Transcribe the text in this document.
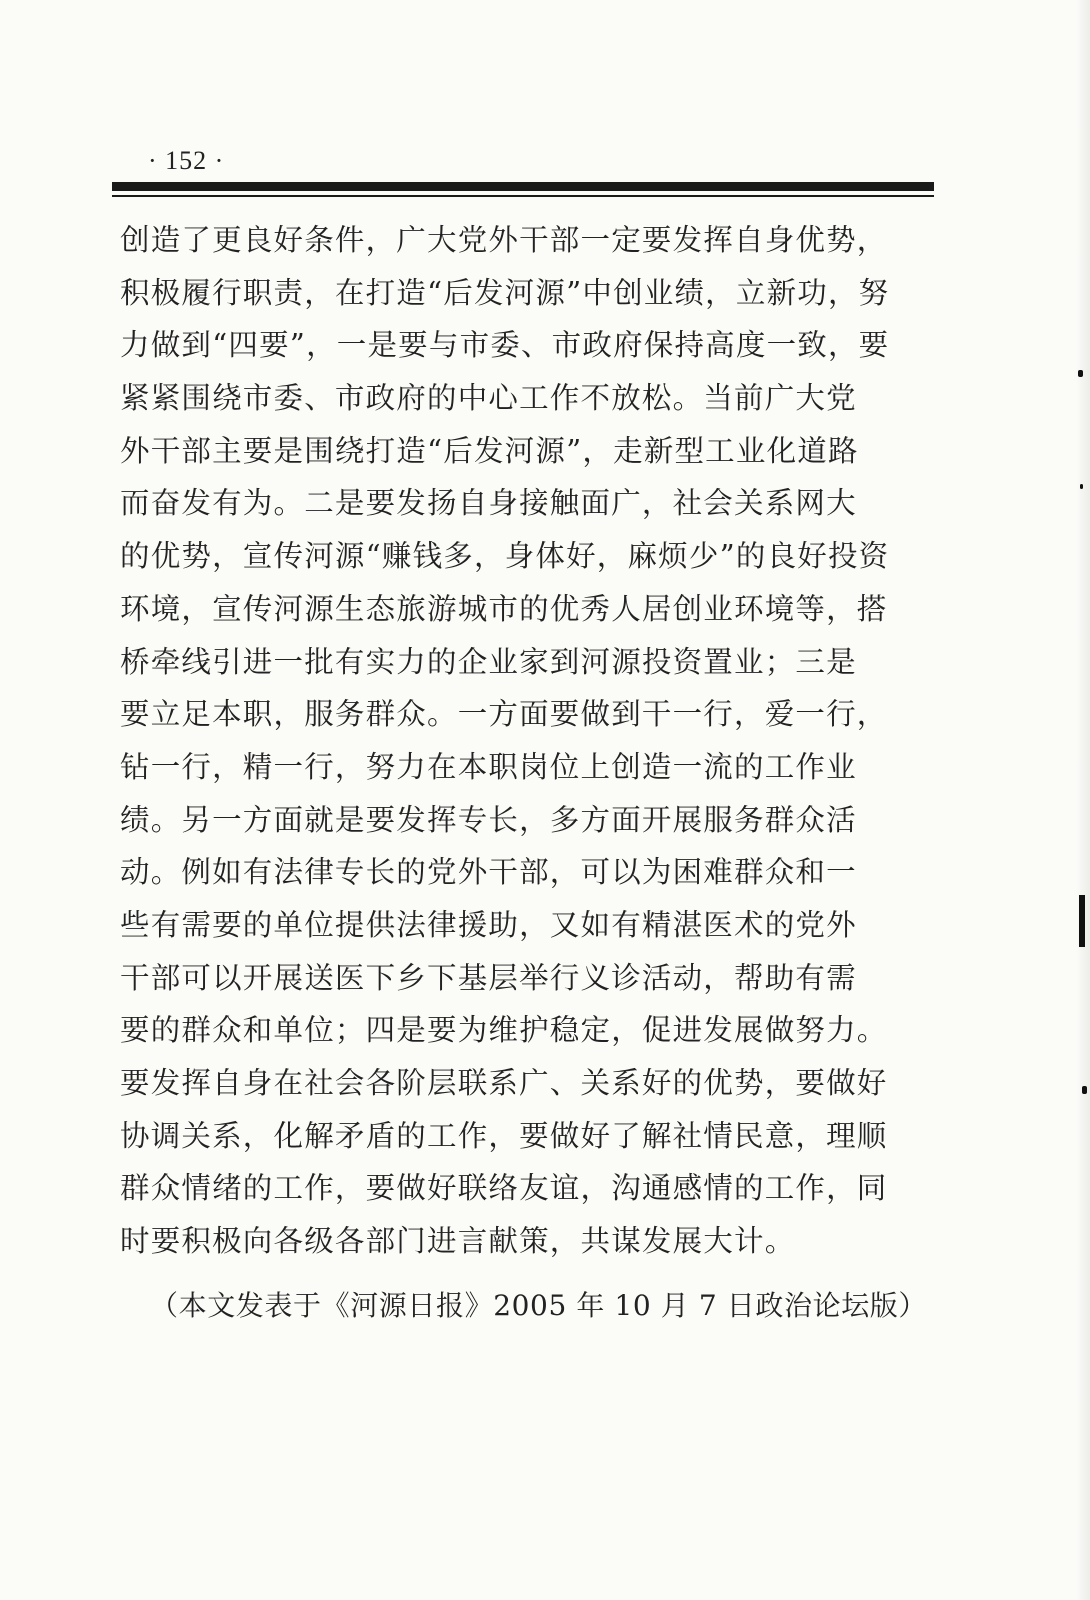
· 152 ·
创造了更良好条件，广大党外干部一定要发挥自身优势，
积极履行职责，在打造“后发河源”中创业绩，立新功，努
力做到“四要”，一是要与市委、市政府保持高度一致，要
紧紧围绕市委、市政府的中心工作不放松。当前广大党
外干部主要是围绕打造“后发河源”，走新型工业化道路
而奋发有为。二是要发扬自身接触面广，社会关系网大
的优势，宣传河源“赚钱多，身体好，麻烦少”的良好投资
环境，宣传河源生态旅游城市的优秀人居创业环境等，搭
桥牵线引进一批有实力的企业家到河源投资置业；三是
要立足本职，服务群众。一方面要做到干一行，爱一行，
钻一行，精一行，努力在本职岗位上创造一流的工作业
绩。另一方面就是要发挥专长，多方面开展服务群众活
动。例如有法律专长的党外干部，可以为困难群众和一
些有需要的单位提供法律援助，又如有精湛医术的党外
干部可以开展送医下乡下基层举行义诊活动，帮助有需
要的群众和单位；四是要为维护稳定，促进发展做努力。
要发挥自身在社会各阶层联系广、关系好的优势，要做好
协调关系，化解矛盾的工作，要做好了解社情民意，理顺
群众情绪的工作，要做好联络友谊，沟通感情的工作，同
时要积极向各级各部门进言献策，共谋发展大计。
（本文发表于《河源日报》2005 年 10 月 7 日政治论坛版）
